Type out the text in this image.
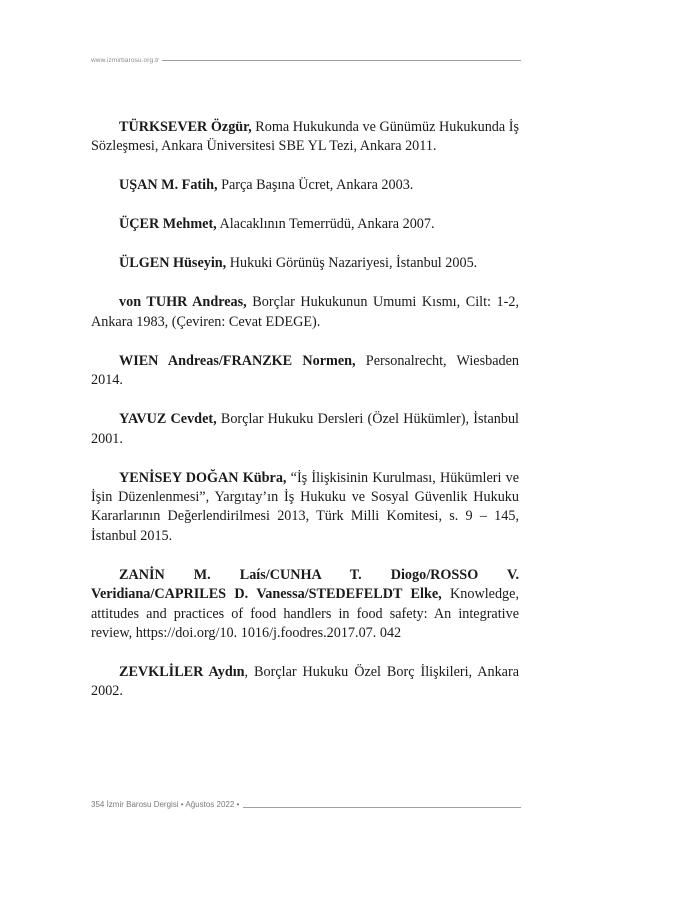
www.izmirbarosu.org.tr
TÜRKSEVER Özgür, Roma Hukukunda ve Günümüz Hukukunda İş Sözleşmesi, Ankara Üniversitesi SBE YL Tezi, Ankara 2011.
UŞAN M. Fatih, Parça Başına Ücret, Ankara 2003.
ÜÇER Mehmet, Alacaklının Temerrüdü, Ankara 2007.
ÜLGEN Hüseyin, Hukuki Görünüş Nazariyesi, İstanbul 2005.
von TUHR Andreas, Borçlar Hukukunun Umumi Kısmı, Cilt: 1-2, Ankara 1983, (Çeviren: Cevat EDEGE).
WIEN Andreas/FRANZKE Normen, Personalrecht, Wiesbaden 2014.
YAVUZ Cevdet, Borçlar Hukuku Dersleri (Özel Hükümler), İstanbul 2001.
YENİSEY DOĞAN Kübra, “İş İlişkisinin Kurulması, Hükümleri ve İşin Düzenlenmesi”, Yargıtay’ın İş Hukuku ve Sosyal Güvenlik Hukuku Kararlarının Değerlendirilmesi 2013, Türk Milli Komitesi, s. 9 – 145, İstanbul 2015.
ZANİN M. Laís/CUNHA T. Diogo/ROSSO V. Veridiana/CAPRILES D. Vanessa/STEDEFELDT Elke, Knowledge, attitudes and practices of food handlers in food safety: An integrative review, https://doi.org/10. 1016/j.foodres.2017.07. 042
ZEVKLİLER Aydın, Borçlar Hukuku Özel Borç İlişkileri, Ankara 2002.
354 İzmir Barosu Dergisi • Ağustos 2022 •
